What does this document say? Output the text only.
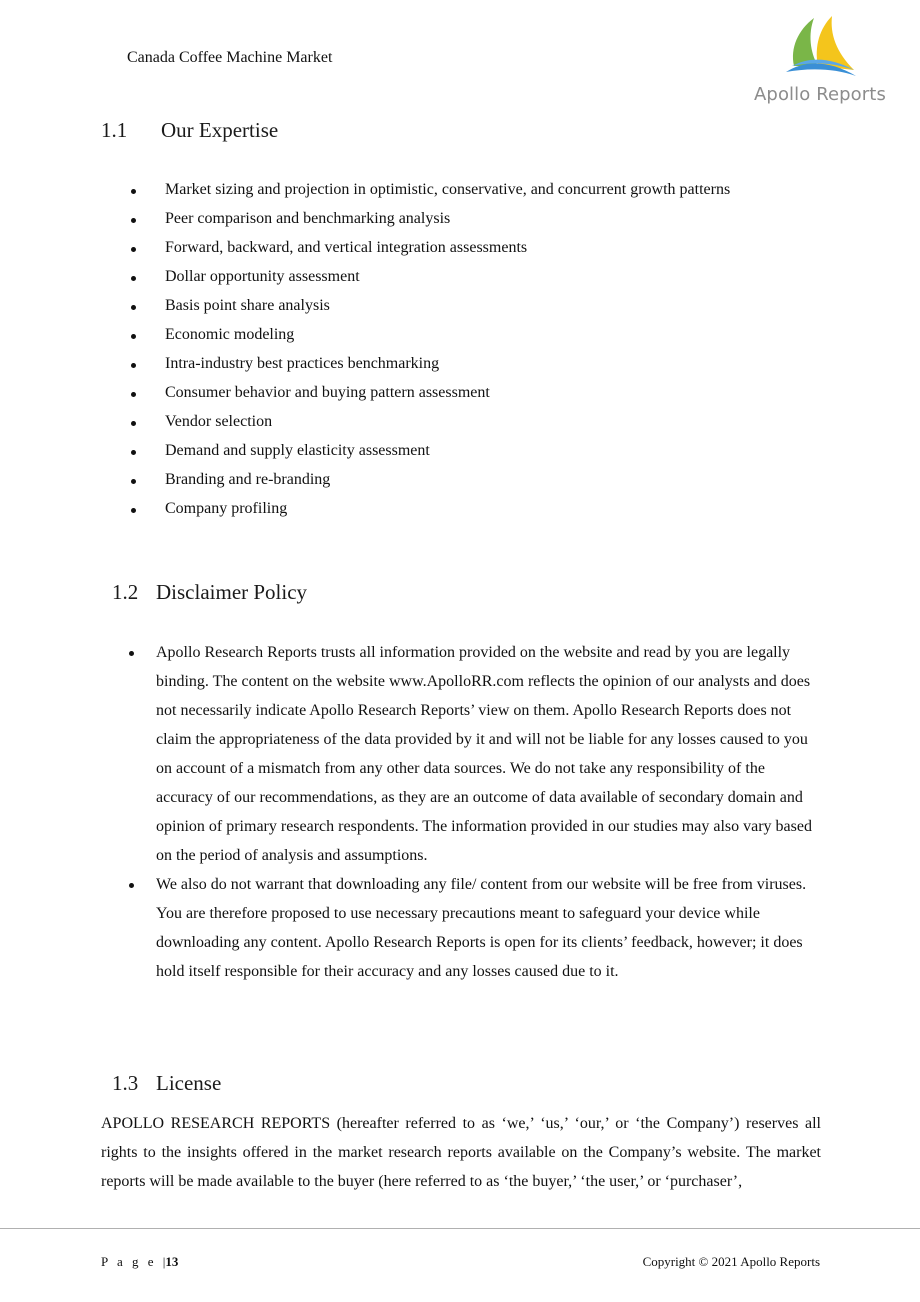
Canada Coffee Machine Market
Apollo Reports
1.1 Our Expertise
Market sizing and projection in optimistic, conservative, and concurrent growth patterns
Peer comparison and benchmarking analysis
Forward, backward, and vertical integration assessments
Dollar opportunity assessment
Basis point share analysis
Economic modeling
Intra-industry best practices benchmarking
Consumer behavior and buying pattern assessment
Vendor selection
Demand and supply elasticity assessment
Branding and re-branding
Company profiling
1.2 Disclaimer Policy
Apollo Research Reports trusts all information provided on the website and read by you are legally binding. The content on the website www.ApolloRR.com reflects the opinion of our analysts and does not necessarily indicate Apollo Research Reports’ view on them. Apollo Research Reports does not claim the appropriateness of the data provided by it and will not be liable for any losses caused to you on account of a mismatch from any other data sources. We do not take any responsibility of the accuracy of our recommendations, as they are an outcome of data available of secondary domain and opinion of primary research respondents. The information provided in our studies may also vary based on the period of analysis and assumptions.
We also do not warrant that downloading any file/ content from our website will be free from viruses. You are therefore proposed to use necessary precautions meant to safeguard your device while downloading any content. Apollo Research Reports is open for its clients’ feedback, however; it does hold itself responsible for their accuracy and any losses caused due to it.
1.3 License
APOLLO RESEARCH REPORTS (hereafter referred to as ‘we,’ ‘us,’ ‘our,’ or ‘the Company’) reserves all rights to the insights offered in the market research reports available on the Company’s website. The market reports will be made available to the buyer (here referred to as ‘the buyer,’ ‘the user,’ or ‘purchaser’,
P a g e |13	Copyright © 2021 Apollo Reports
